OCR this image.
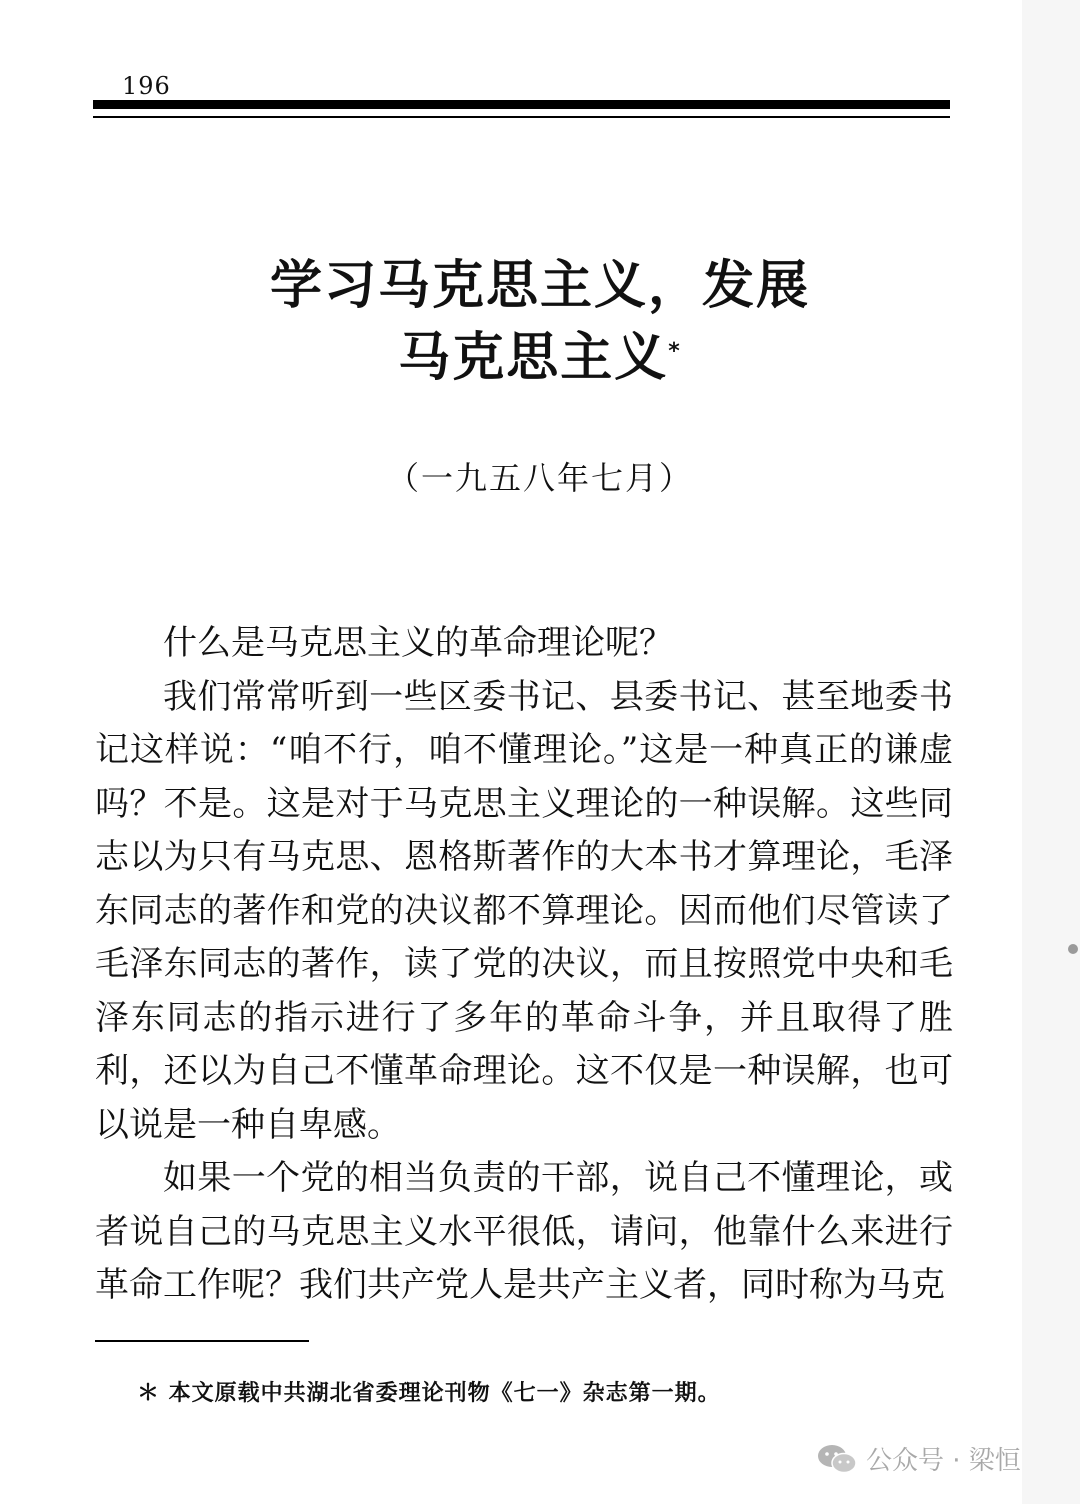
196
学习马克思主义，发展
马克思主义*
（一九五八年七月）

什么是马克思主义的革命理论呢？

我们常常听到一些区委书记、县委书记、甚至地委书记这样说：“咱不行，咱不懂理论。”这是一种真正的谦虚吗？不是。这是对于马克思主义理论的一种误解。这些同志以为只有马克思、恩格斯著作的大本书才算理论，毛泽东同志的著作和党的决议都不算理论。因而他们尽管读了毛泽东同志的著作，读了党的决议，而且按照党中央和毛泽东同志的指示进行了多年的革命斗争，并且取得了胜利，还以为自己不懂革命理论。这不仅是一种误解，也可以说是一种自卑感。

如果一个党的相当负责的干部，说自己不懂理论，或者说自己的马克思主义水平很低，请问，他靠什么来进行革命工作呢？我们共产党人是共产主义者，同时称为马克

＊ 本文原载中共湖北省委理论刊物《七一》杂志第一期。
公众号 · 梁恒
